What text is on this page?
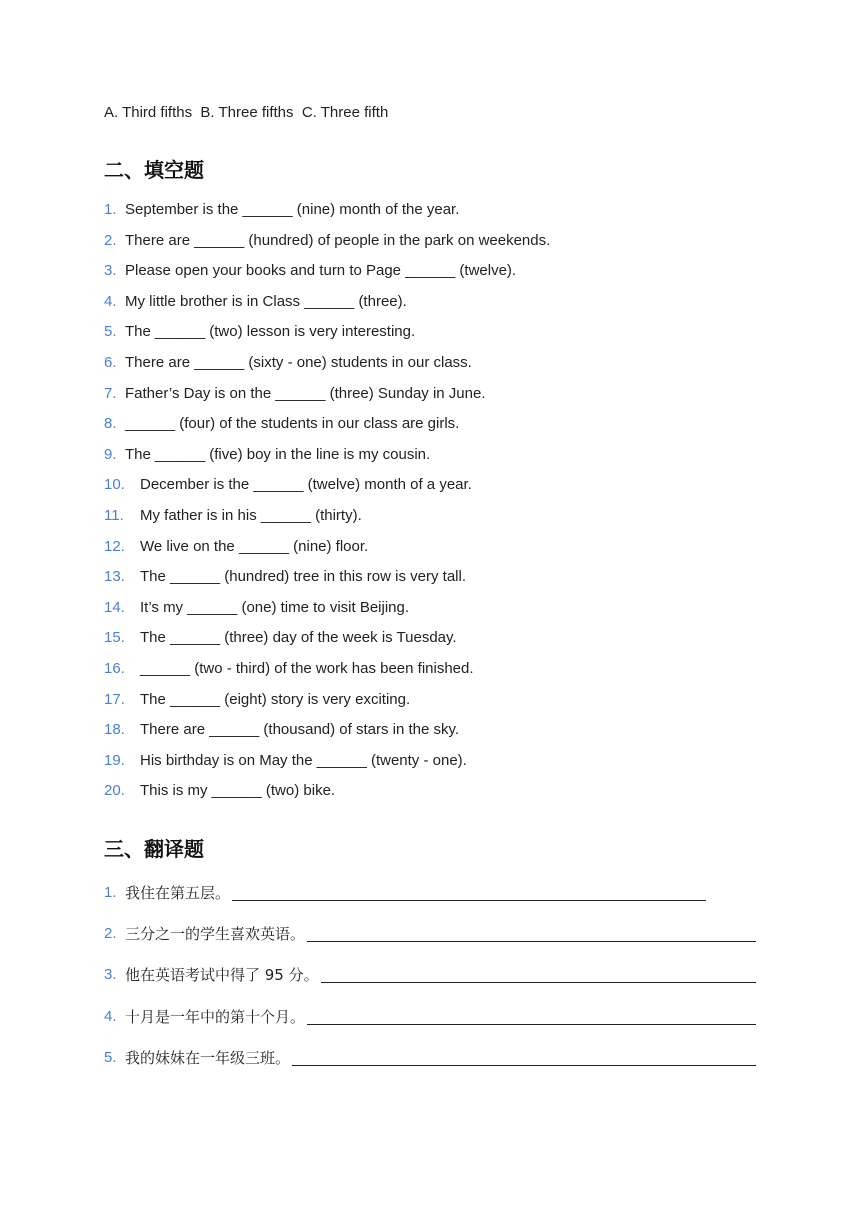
A. Third fifths  B. Three fifths  C. Three fifth
二、填空题
1. September is the ______ (nine) month of the year.
2. There are ______ (hundred) of people in the park on weekends.
3. Please open your books and turn to Page ______ (twelve).
4. My little brother is in Class ______ (three).
5. The ______ (two) lesson is very interesting.
6. There are ______ (sixty - one) students in our class.
7. Father’s Day is on the ______ (three) Sunday in June.
8. ______ (four) of the students in our class are girls.
9. The ______ (five) boy in the line is my cousin.
10.	December is the ______ (twelve) month of a year.
11.	My father is in his ______ (thirty).
12.	We live on the ______ (nine) floor.
13.	The ______ (hundred) tree in this row is very tall.
14.	It’s my ______ (one) time to visit Beijing.
15.	The ______ (three) day of the week is Tuesday.
16.	______ (two - third) of the work has been finished.
17.	The ______ (eight) story is very exciting.
18.	There are ______ (thousand) of stars in the sky.
19.	His birthday is on May the ______ (twenty - one).
20.	This is my ______ (two) bike.
三、翻译题
1. 我住在第五层。
2. 三分之一的学生喜欢英语。
3. 他在英语考试中得了 95 分。
4. 十月是一年中的第十个月。
5. 我的妹妹在一年级三班。
